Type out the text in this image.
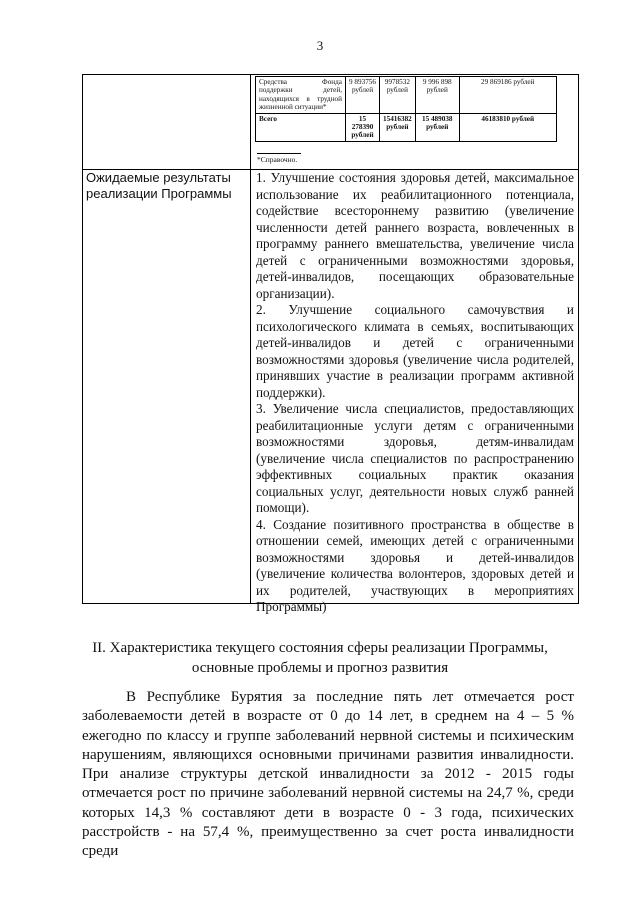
3
Средства Фонда поддержки детей, находящихся в трудной жизненной ситуации*	9 893756 рублей	9978532 рублей	9 996 898 рублей	29 869186 рублей
Всего	15 278390 рублей	15416382 рублей	15 489038 рублей	46183810 рублей
*Справочно.
Ожидаемые результаты реализации Программы

1. Улучшение состояния здоровья детей, максимальное использование их реабилитационного потенциала, содействие всестороннему развитию (увеличение численности детей раннего возраста, вовлеченных в программу раннего вмешательства, увеличение числа детей с ограниченными возможностями здоровья, детей-инвалидов, посещающих образовательные организации).

2. Улучшение социального самочувствия и психологического климата в семьях, воспитывающих детей-инвалидов и детей с ограниченными возможностями здоровья (увеличение числа родителей, принявших участие в реализации программ активной поддержки).

3. Увеличение числа специалистов, предоставляющих реабилитационные услуги детям с ограниченными возможностями здоровья, детям-инвалидам (увеличение числа специалистов по распространению эффективных социальных практик оказания социальных услуг, деятельности новых служб ранней помощи).

4. Создание позитивного пространства в обществе в отношении семей, имеющих детей с ограниченными возможностями здоровья и детей-инвалидов (увеличение количества волонтеров, здоровых детей и их родителей, участвующих в мероприятиях Программы)

II. Характеристика текущего состояния сферы реализации Программы,
основные проблемы и прогноз развития

В Республике Бурятия за последние пять лет отмечается рост заболеваемости детей в возрасте от 0 до 14 лет, в среднем на 4 – 5 % ежегодно по классу и группе заболеваний нервной системы и психическим нарушениям, являющихся основными причинами развития инвалидности. При анализе структуры детской инвалидности за 2012 - 2015 годы отмечается рост по причине заболеваний нервной системы на 24,7 %, среди которых 14,3 % составляют дети в возрасте 0 - 3 года, психических расстройств - на 57,4 %, преимущественно за счет роста инвалидности среди
